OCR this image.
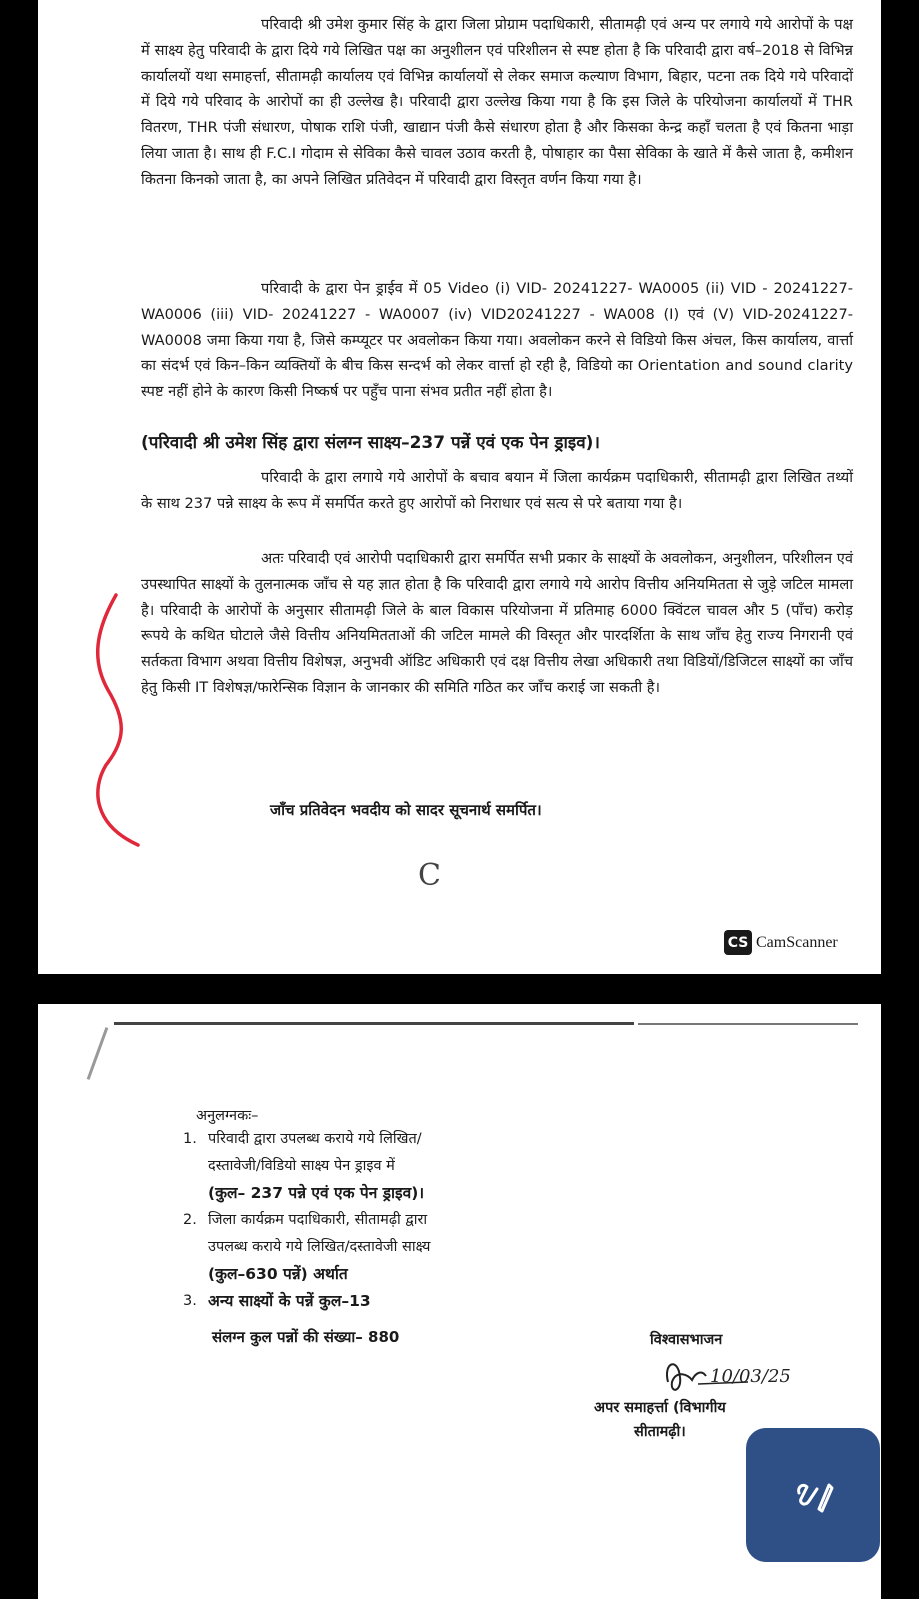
परिवादी श्री उमेश कुमार सिंह के द्वारा जिला प्रोग्राम पदाधिकारी, सीतामढ़ी एवं अन्य पर लगाये गये आरोपों के पक्ष में साक्ष्य हेतु परिवादी के द्वारा दिये गये लिखित पक्ष का अनुशीलन एवं परिशीलन से स्पष्ट होता है कि परिवादी द्वारा वर्ष–2018 से विभिन्न कार्यालयों यथा समाहर्त्ता, सीतामढ़ी कार्यालय एवं विभिन्न कार्यालयों से लेकर समाज कल्याण विभाग, बिहार, पटना तक दिये गये परिवादों में दिये गये परिवाद के आरोपों का ही उल्लेख है। परिवादी द्वारा उल्लेख किया गया है कि इस जिले के परियोजना कार्यालयों में THR वितरण, THR पंजी संधारण, पोषाक राशि पंजी, खाद्यान पंजी कैसे संधारण होता है और किसका केन्द्र कहाँ चलता है एवं कितना भाड़ा लिया जाता है। साथ ही F.C.I गोदाम से सेविका कैसे चावल उठाव करती है, पोषाहार का पैसा सेविका के खाते में कैसे जाता है, कमीशन कितना किनको जाता है, का अपने लिखित प्रतिवेदन में परिवादी द्वारा विस्तृत वर्णन किया गया है।

परिवादी के द्वारा पेन ड्राईव में 05 Video (i) VID- 20241227- WA0005 (ii) VID - 20241227- WA0006 (iii) VID- 20241227 - WA0007 (iv) VID20241227 - WA008 (I) एवं (V) VID-20241227-WA0008 जमा किया गया है, जिसे कम्प्यूटर पर अवलोकन किया गया। अवलोकन करने से विडियो किस अंचल, किस कार्यालय, वार्त्ता का संदर्भ एवं किन–किन व्यक्तियों के बीच किस सन्दर्भ को लेकर वार्त्ता हो रही है, विडियो का Orientation and sound clarity स्पष्ट नहीं होने के कारण किसी निष्कर्ष पर पहुँच पाना संभव प्रतीत नहीं होता है।

(परिवादी श्री उमेश सिंह द्वारा संलग्न साक्ष्य–237 पन्नें एवं एक पेन ड्राइव)।

परिवादी के द्वारा लगाये गये आरोपों के बचाव बयान में जिला कार्यक्रम पदाधिकारी, सीतामढ़ी द्वारा लिखित तथ्यों के साथ 237 पन्ने साक्ष्य के रूप में समर्पित करते हुए आरोपों को निराधार एवं सत्य से परे बताया गया है।

अतः परिवादी एवं आरोपी पदाधिकारी द्वारा समर्पित सभी प्रकार के साक्ष्यों के अवलोकन, अनुशीलन, परिशीलन एवं उपस्थापित साक्ष्यों के तुलनात्मक जाँच से यह ज्ञात होता है कि परिवादी द्वारा लगाये गये आरोप वित्तीय अनियमितता से जुड़े जटिल मामला है। परिवादी के आरोपों के अनुसार सीतामढ़ी जिले के बाल विकास परियोजना में प्रतिमाह 6000 क्विंटल चावल और 5 (पाँच) करोड़ रूपये के कथित घोटाले जैसे वित्तीय अनियमितताओं की जटिल मामले की विस्तृत और पारदर्शिता के साथ जाँच हेतु राज्य निगरानी एवं सर्तकता विभाग अथवा वित्तीय विशेषज्ञ, अनुभवी ऑडिट अधिकारी एवं दक्ष वित्तीय लेखा अधिकारी तथा विडियों/डिजिटल साक्ष्यों का जाँच हेतु किसी IT विशेषज्ञ/फारेन्सिक विज्ञान के जानकार की समिति गठित कर जाँच कराई जा सकती है।

जाँच प्रतिवेदन भवदीय को सादर सूचनार्थ समर्पित।
C
CS CamScanner
अनुलग्नकः–
1. परिवादी द्वारा उपलब्ध कराये गये लिखित/
दस्तावेजी/विडियो साक्ष्य पेन ड्राइव में
(कुल– 237 पन्ने एवं एक पेन ड्राइव)।
2. जिला कार्यक्रम पदाधिकारी, सीतामढ़ी द्वारा
उपलब्ध कराये गये लिखित/दस्तावेजी साक्ष्य
(कुल–630 पन्नें) अर्थात
3. अन्य साक्ष्यों के पन्नें कुल–13
संलग्न कुल पन्नों की संख्या– 880	विश्वासभाजन
10/03/25
अपर समाहर्त्ता (विभागीय
सीतामढ़ी।
